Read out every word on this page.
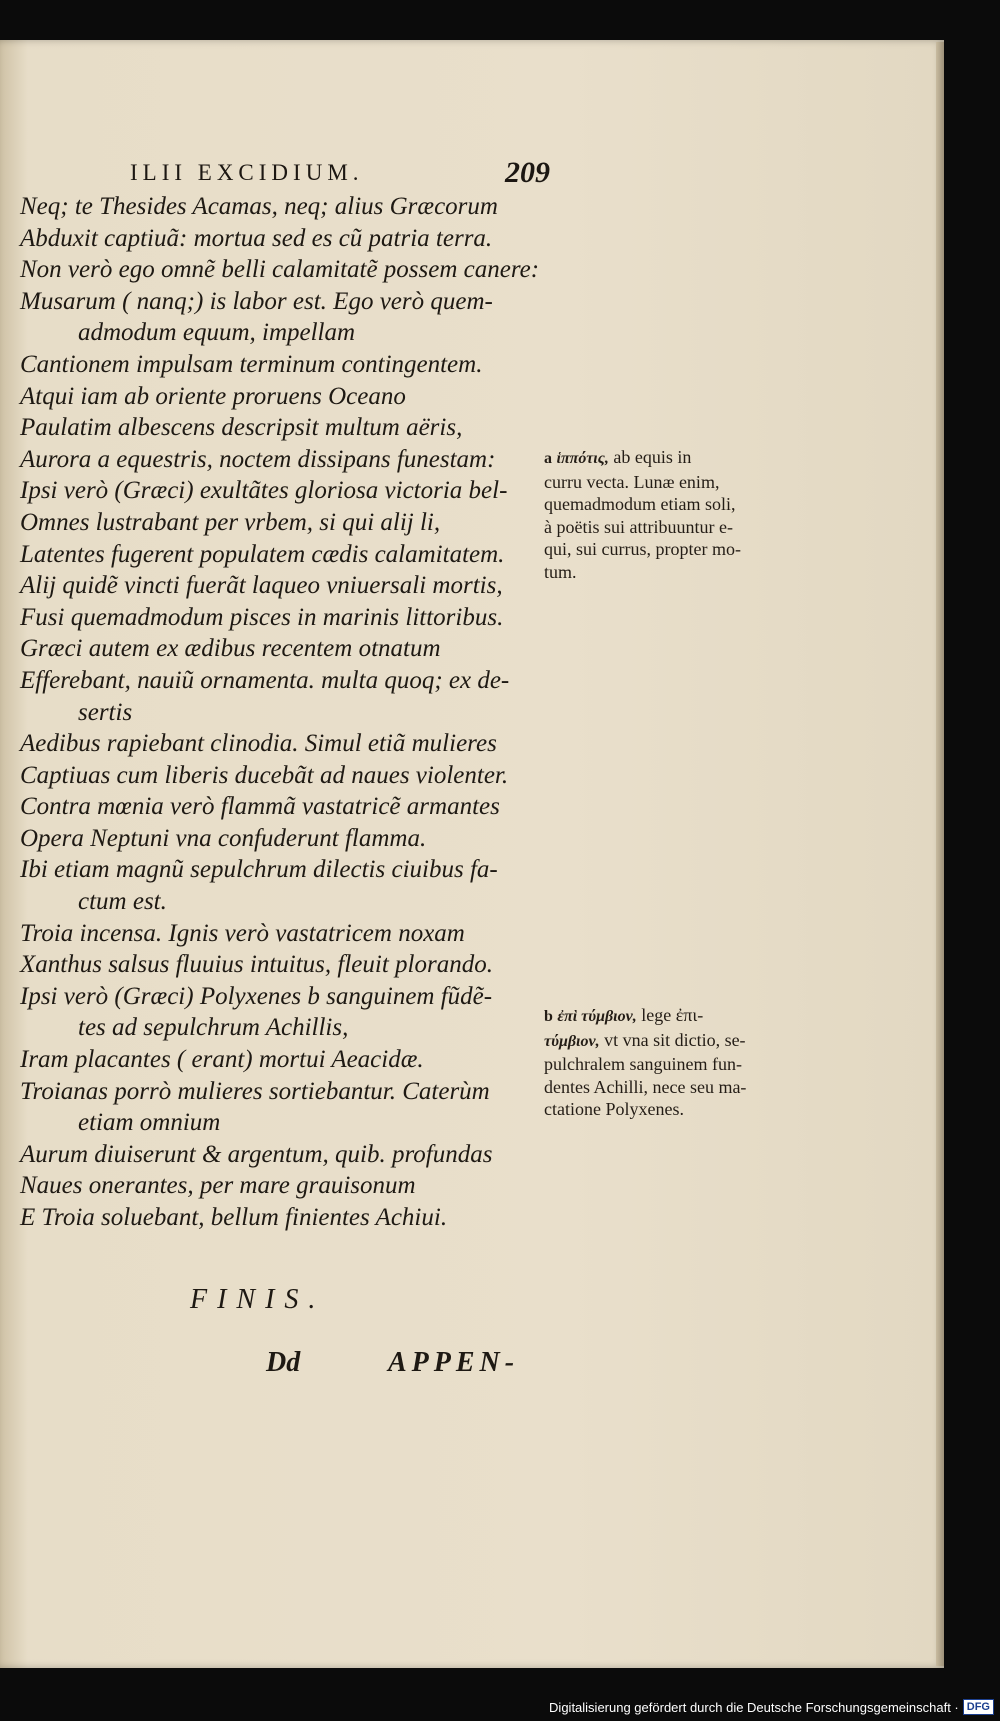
ILII EXCIDIUM.	209
Neq; te Thesides Acamas, neq; alius Græcorum
Abduxit captiuã: mortua sed es cũ patria terra.
Non verò ego omnẽ belli calamitatẽ possem canere:
Musarum ( nanq;) is labor est. Ego verò quem-
admodum equum, impellam
Cantionem impulsam terminum contingentem.
Atqui iam ab oriente proruens Oceano
Paulatim albescens descripsit multum aëris,
Aurora a equestris, noctem dissipans funestam:
Ipsi verò (Græci) exultãtes gloriosa victoria bel-
Omnes lustrabant per vrbem, si qui alij li,
Latentes fugerent populatem cædis calamitatem.
Alij quidẽ vincti fuerãt laqueo vniuersali mortis,
Fusi quemadmodum pisces in marinis littoribus.
Græci autem ex ædibus recentem otnatum
Efferebant, nauiũ ornamenta. multa quoq; ex de-
sertis
Aedibus rapiebant clinodia. Simul etiã mulieres
Captiuas cum liberis ducebãt ad naues violenter.
Contra mœnia verò flammã vastatricẽ armantes
Opera Neptuni vna confuderunt flamma.
Ibi etiam magnũ sepulchrum dilectis ciuibus fa-
ctum est.
Troia incensa. Ignis verò vastatricem noxam
Xanthus salsus fluuius intuitus, fleuit plorando.
Ipsi verò (Græci) Polyxenes b sanguinem fũdẽ-
tes ad sepulchrum Achillis,
Iram placantes ( erant) mortui Aeacidæ.
Troianas porrò mulieres sortiebantur. Caterùm
etiam omnium
Aurum diuiserunt & argentum, quib. profundas
Naues onerantes, per mare grauisonum
E Troia soluebant, bellum finientes Achiui.
FINIS.
Dd	APPEN-
a ἱππότις, ab equis in
curru vecta. Lunæ enim,
quemadmodum etiam soli,
à poëtis sui attribuuntur e-
qui, sui currus, propter mo-
tum.
b ἐπὶ τύμβιον, lege ἐπι-
τύμβιον, vt vna sit dictio, se-
pulchralem sanguinem fun-
dentes Achilli, nece seu ma-
ctatione Polyxenes.
Digitalisierung gefördert durch die Deutsche Forschungsgemeinschaft · DFG
